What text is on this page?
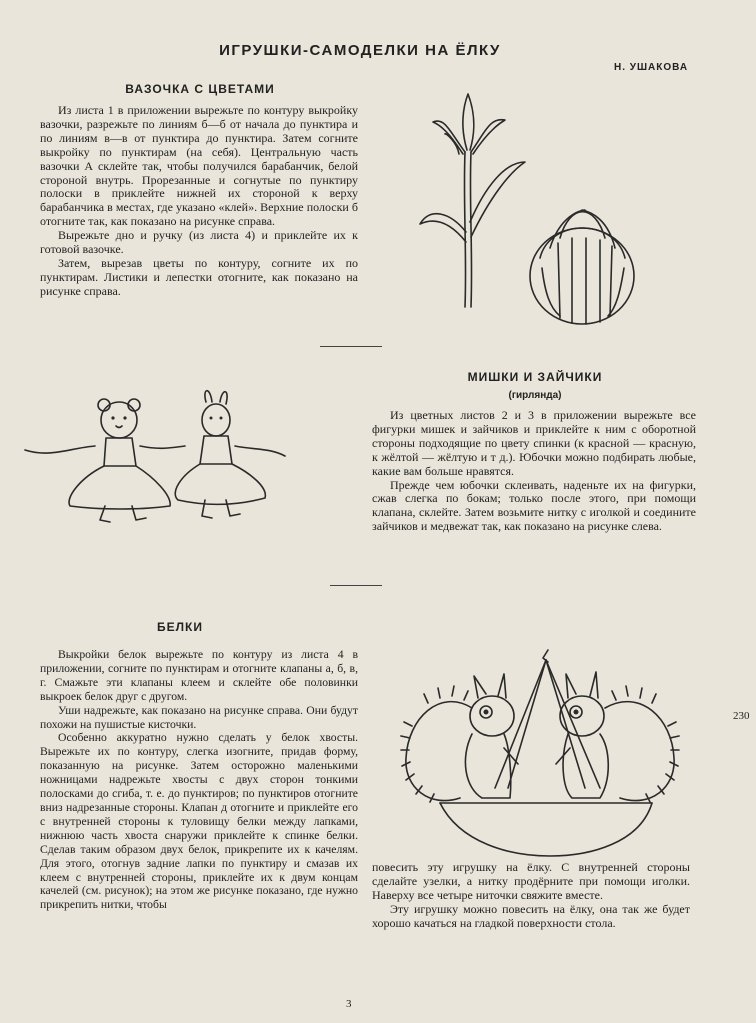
ИГРУШКИ-САМОДЕЛКИ НА ЁЛКУ
Н. УШАКОВА
ВАЗОЧКА С ЦВЕТАМИ

Из листа 1 в приложении вырежьте по контуру выкройку вазочки, разрежьте по линиям б—б от начала до пунктира и по линиям в—в от пунктира до пунктира. Затем согните выкройку по пунктирам (на себя). Центральную часть вазочки А склейте так, чтобы получился барабанчик, белой стороной внутрь. Прорезанные и согнутые по пунктиру полоски в приклейте нижней их стороной к верху барабанчика в местах, где указано «клей». Верхние полоски б отогните так, как показано на рисунке справа.

Вырежьте дно и ручку (из листа 4) и приклейте их к готовой вазочке.

Затем, вырезав цветы по контуру, согните их по пунктирам. Листики и лепестки отогните, как показано на рисунке справа.

МИШКИ И ЗАЙЧИКИ
(гирлянда)

Из цветных листов 2 и 3 в приложении вырежьте все фигурки мишек и зайчиков и приклейте к ним с оборотной стороны подходящие по цвету спинки (к красной — красную, к жёлтой — жёлтую и т д.). Юбочки можно подбирать любые, какие вам больше нравятся.

Прежде чем юбочки склеивать, наденьте их на фигурки, сжав слегка по бокам; только после этого, при помощи клапана, склейте. Затем возьмите нитку с иголкой и соедините зайчиков и медвежат так, как показано на рисунке слева.

БЕЛКИ

Выкройки белок вырежьте по контуру из листа 4 в приложении, согните по пунктирам и отогните клапаны а, б, в, г. Смажьте эти клапаны клеем и склейте обе половинки выкроек белок друг с другом.

Уши надрежьте, как показано на рисунке справа. Они будут похожи на пушистые кисточки.

Особенно аккуратно нужно сделать у белок хвосты. Вырежьте их по контуру, слегка изогните, придав форму, показанную на рисунке. Затем осторожно маленькими ножницами надрежьте хвосты с двух сторон тонкими полосками до сгиба, т. е. до пунктиров; по пунктиров отогните вниз надрезанные стороны. Клапан д отогните и приклейте его с внутренней стороны к туловищу белки между лапками, нижнюю часть хвоста снаружи приклейте к спинке белки. Сделав таким образом двух белок, прикрепите их к качелям. Для этого, отогнув задние лапки по пунктиру и смазав их клеем с внутренней стороны, приклейте их к двум концам качелей (см. рисунок); на этом же рисунке показано, где нужно прикрепить нитки, чтобы

повесить эту игрушку на ёлку. С внутренней стороны сделайте узелки, а нитку продёрните при помощи иголки. Наверху все четыре ниточки свяжите вместе.

Эту игрушку можно повесить на ёлку, она так же будет хорошо качаться на гладкой поверхности стола.

230
3
